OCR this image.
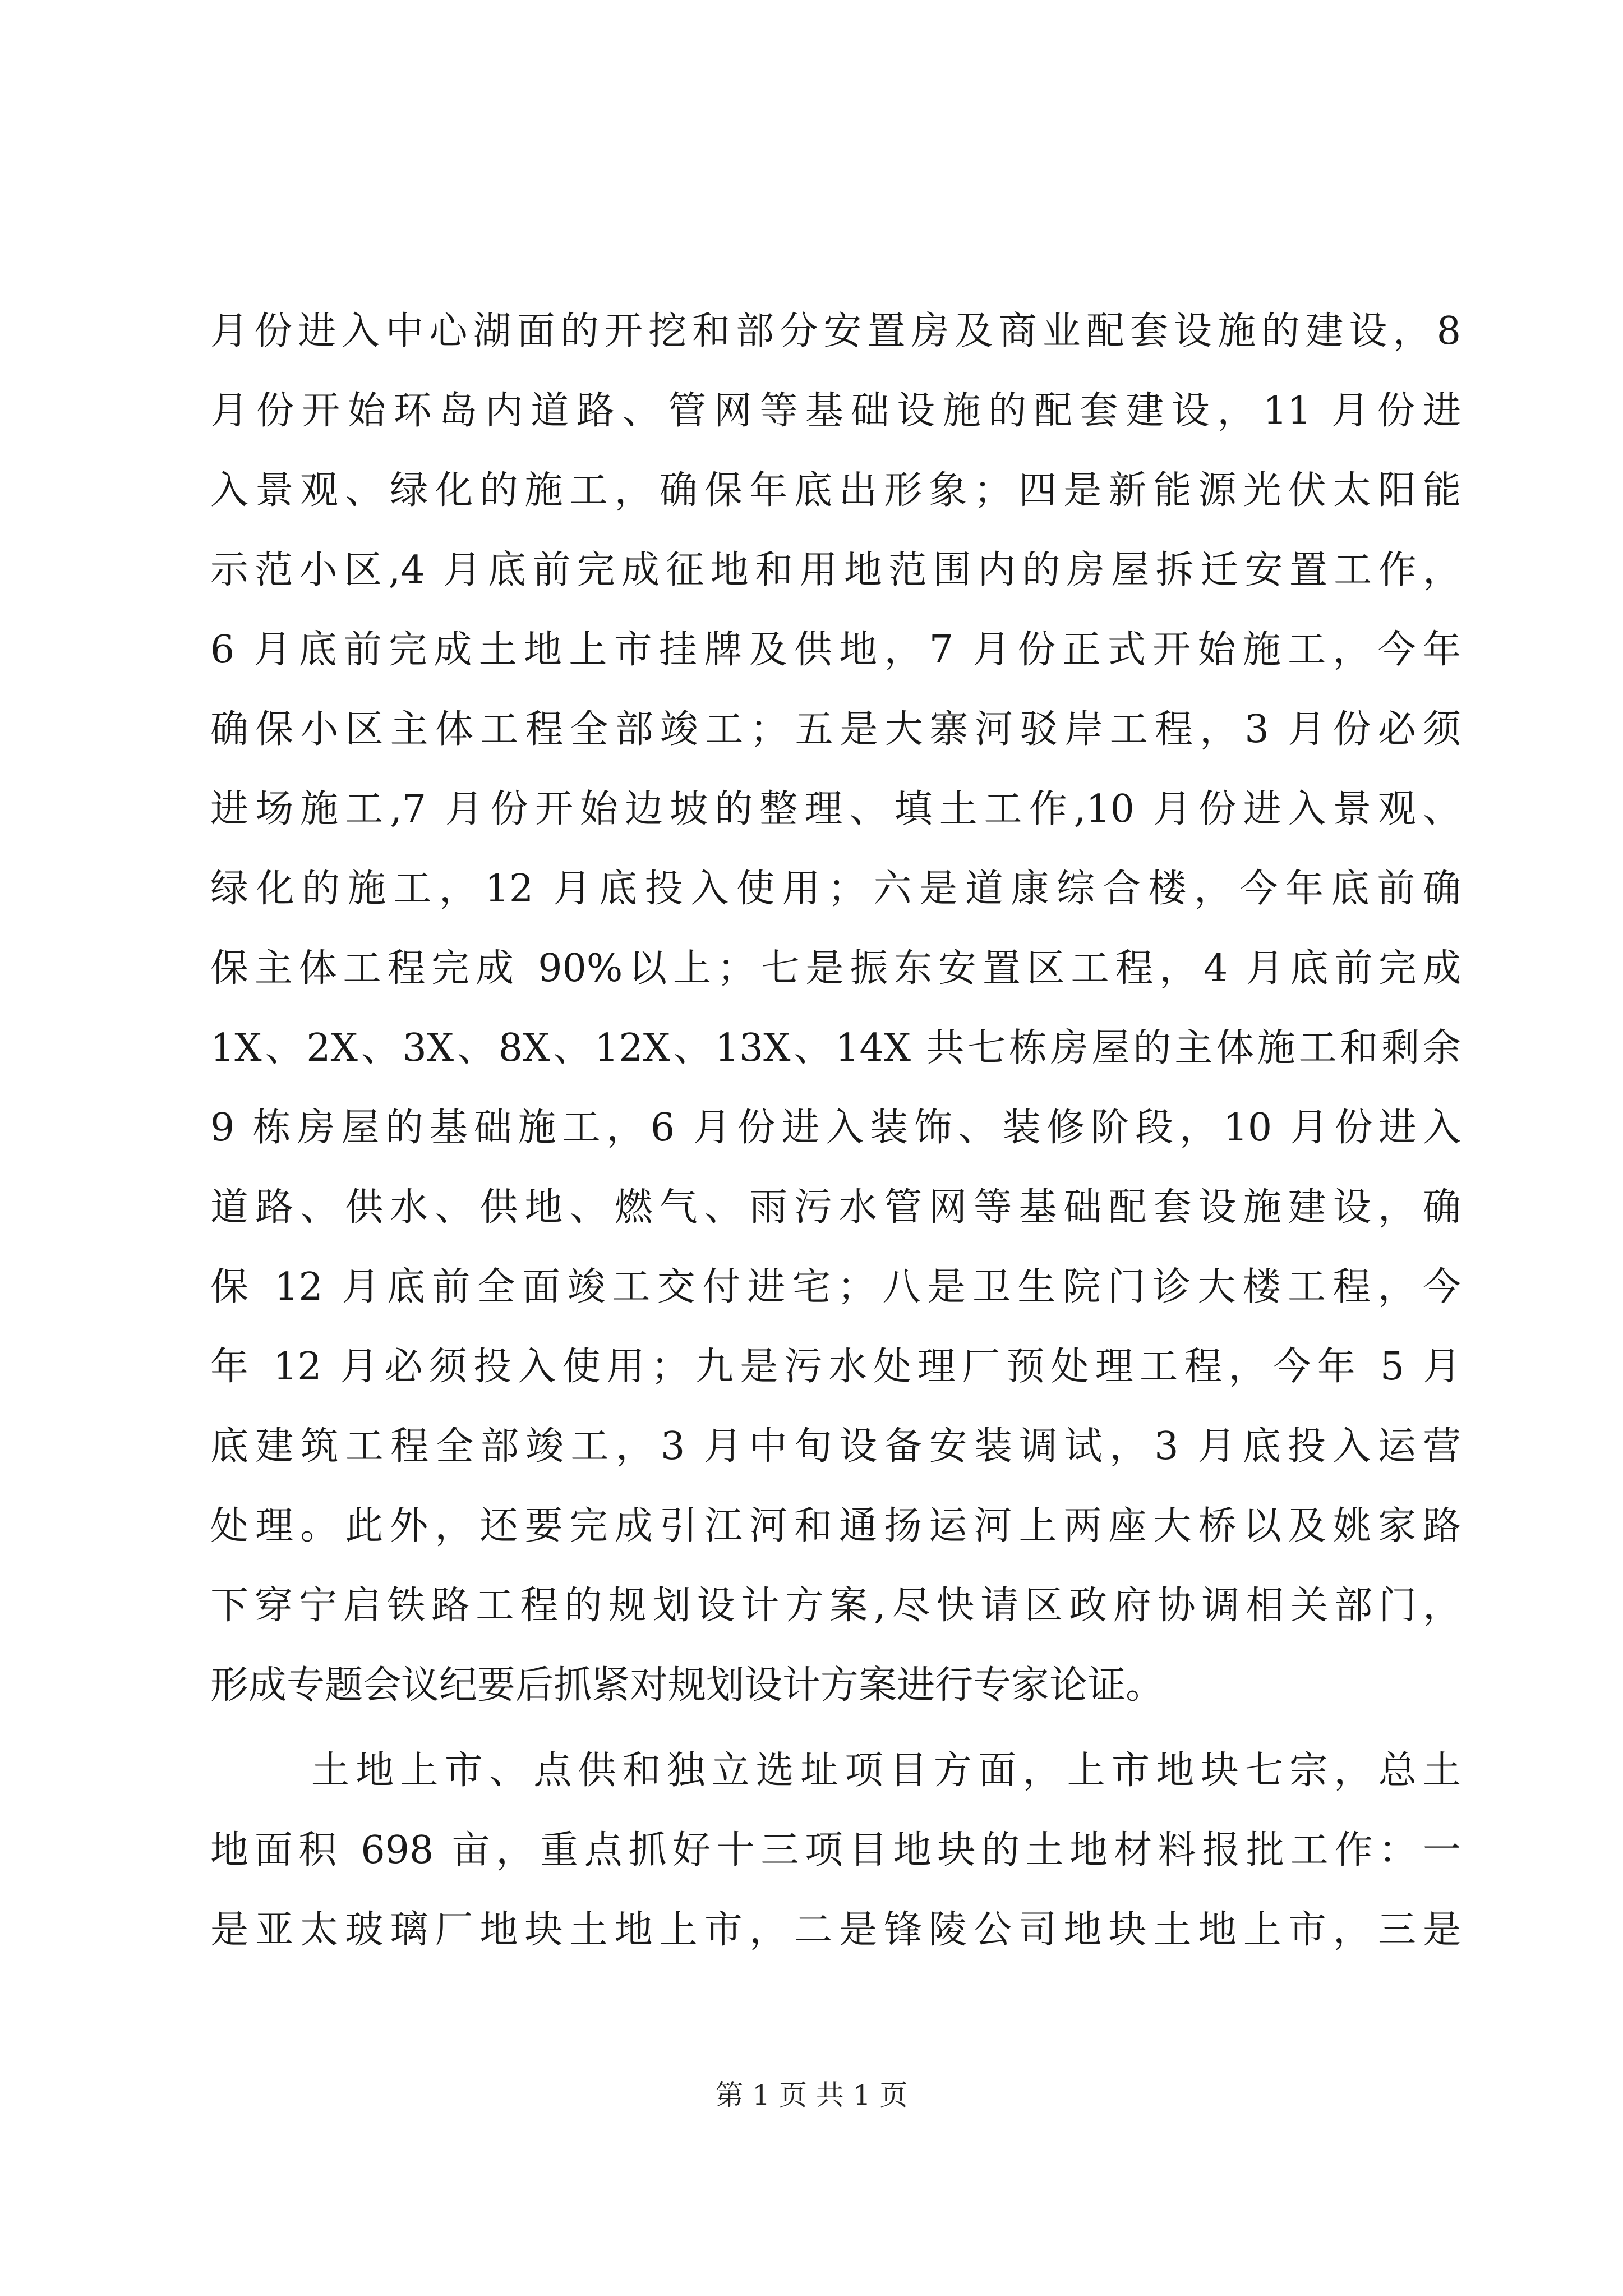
月份进入中心湖面的开挖和部分安置房及商业配套设施的建设，8
月份开始环岛内道路、管网等基础设施的配套建设，11 月份进
入景观、绿化的施工，确保年底出形象；四是新能源光伏太阳能
示范小区,4 月底前完成征地和用地范围内的房屋拆迁安置工作，
6 月底前完成土地上市挂牌及供地，7 月份正式开始施工，今年
确保小区主体工程全部竣工；五是大寨河驳岸工程，3 月份必须
进场施工,7 月份开始边坡的整理、填土工作,10 月份进入景观、
绿化的施工，12 月底投入使用；六是道康综合楼，今年底前确
保主体工程完成 90%以上；七是振东安置区工程，4 月底前完成
1X、2X、3X、8X、12X、13X、14X 共七栋房屋的主体施工和剩余
9 栋房屋的基础施工，6 月份进入装饰、装修阶段，10 月份进入
道路、供水、供地、燃气、雨污水管网等基础配套设施建设，确
保 12 月底前全面竣工交付进宅；八是卫生院门诊大楼工程，今
年 12 月必须投入使用；九是污水处理厂预处理工程，今年 5 月
底建筑工程全部竣工，3 月中旬设备安装调试，3 月底投入运营
处理。此外，还要完成引江河和通扬运河上两座大桥以及姚家路
下穿宁启铁路工程的规划设计方案,尽快请区政府协调相关部门，
形成专题会议纪要后抓紧对规划设计方案进行专家论证。
土地上市、点供和独立选址项目方面，上市地块七宗，总土
地面积 698 亩，重点抓好十三项目地块的土地材料报批工作：一
是亚太玻璃厂地块土地上市，二是锋陵公司地块土地上市，三是
第 1 页 共 1 页
